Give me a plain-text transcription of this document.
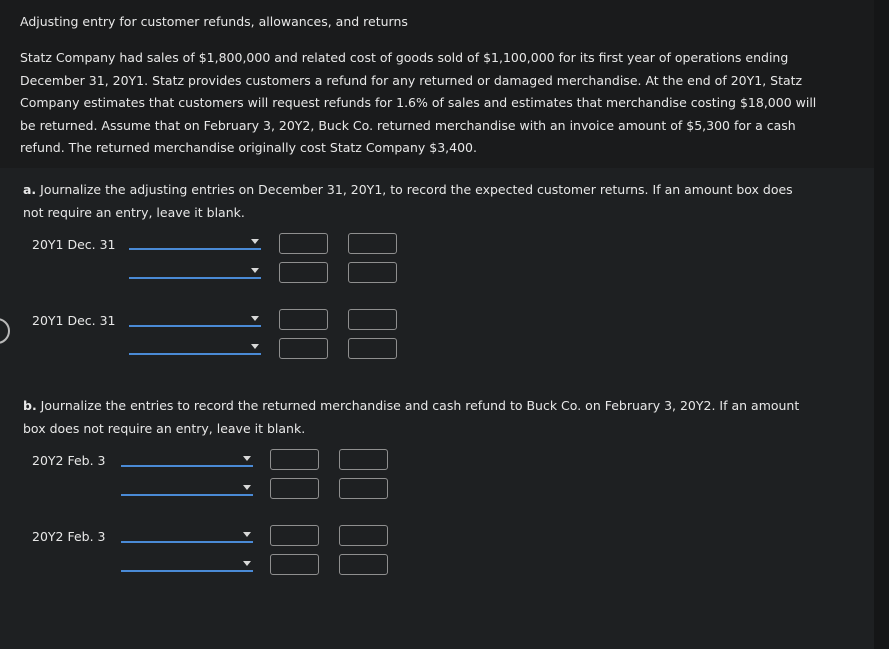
Adjusting entry for customer refunds, allowances, and returns
Statz Company had sales of $1,800,000 and related cost of goods sold of $1,100,000 for its first year of operations ending
December 31, 20Y1. Statz provides customers a refund for any returned or damaged merchandise. At the end of 20Y1, Statz
Company estimates that customers will request refunds for 1.6% of sales and estimates that merchandise costing $18,000 will
be returned. Assume that on February 3, 20Y2, Buck Co. returned merchandise with an invoice amount of $5,300 for a cash
refund. The returned merchandise originally cost Statz Company $3,400.
a. Journalize the adjusting entries on December 31, 20Y1, to record the expected customer returns. If an amount box does
not require an entry, leave it blank.
20Y1 Dec. 31
20Y1 Dec. 31
b. Journalize the entries to record the returned merchandise and cash refund to Buck Co. on February 3, 20Y2. If an amount
box does not require an entry, leave it blank.
20Y2 Feb. 3
20Y2 Feb. 3
